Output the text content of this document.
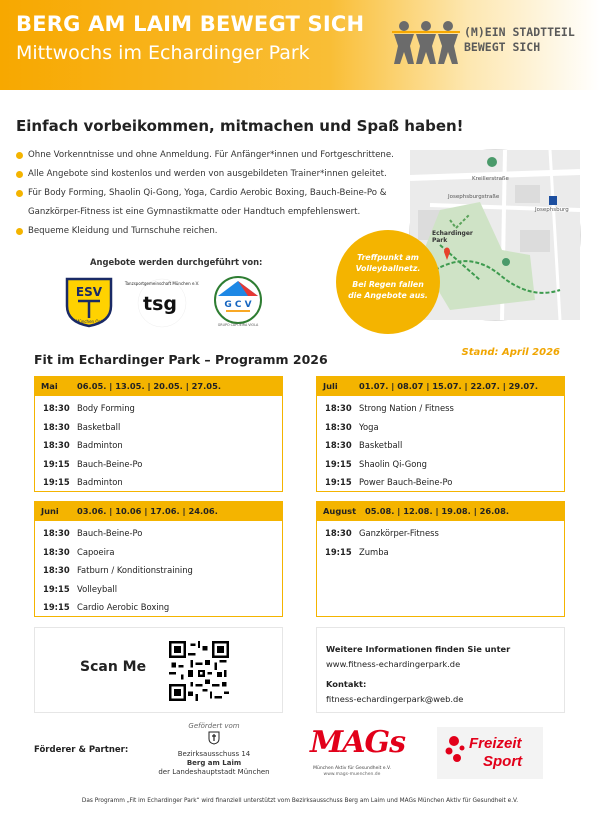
BERG AM LAIM BEWEGT SICH
Mittwochs im Echardinger Park
(M)EIN STADTTEIL
BEWEGT SICH
Einfach vorbeikommen, mitmachen und Spaß haben!
Ohne Vorkenntnisse und ohne Anmeldung. Für Anfänger*innen und Fortgeschrittene.
Alle Angebote sind kostenlos und werden von ausgebildeten Trainer*innen geleitet.
Für Body Forming, Shaolin Qi-Gong, Yoga, Cardio Aerobic Boxing, Bauch-Beine-Po &
Ganzkörper-Fitness ist eine Gymnastikmatte oder Handtuch empfehlenswert.
Bequeme Kleidung und Turnschuhe reichen.
Kreillerstraße
Josephsburgstraße
Echardinger
Park
Josephsburg
Treffpunkt am
Volleyballnetz.
Bei Regen fallen
die Angebote aus.
Angebote werden durchgeführt von:
ESV
München Ost
tsg
Tanzsportgemeinschaft München e.V.
G C V
GRUPO CAPOEIRA VIOLA
Fit im Echardinger Park – Programm 2026	Stand: April 2026
Mai 06.05. | 13.05. | 20.05. | 27.05.
18:30 Body Forming
18:30 Basketball
18:30 Badminton
19:15 Bauch-Beine-Po
19:15 Badminton
Juli	01.07. | 08.07 | 15.07. | 22.07. | 29.07.
18:30 Strong Nation / Fitness
18:30 Yoga
18:30 Basketball
19:15 Shaolin Qi-Gong
19:15 Power Bauch-Beine-Po
Juni 03.06. | 10.06 | 17.06. | 24.06.
18:30 Bauch-Beine-Po
18:30 Capoeira
18:30 Fatburn / Konditionstraining
19:15 Volleyball
19:15 Cardio Aerobic Boxing
August 05.08. | 12.08. | 19.08. | 26.08.
18:30 Ganzkörper-Fitness
19:15 Zumba
Scan Me
Weitere Informationen finden Sie unter
www.fitness-echardingerpark.de
Kontakt:
fitness-echardingerpark@web.de
Förderer & Partner:
Gefördert vom
Bezirksausschuss 14
Berg am Laim
der Landeshauptstadt München
MAGs
München Aktiv für Gesundheit e.V.
www.mags-muenchen.de
Freizeit
Sport
Das Programm „Fit im Echardinger Park“ wird finanziell unterstützt vom Bezirksausschuss Berg am Laim und MAGs München Aktiv für Gesundheit e.V.
